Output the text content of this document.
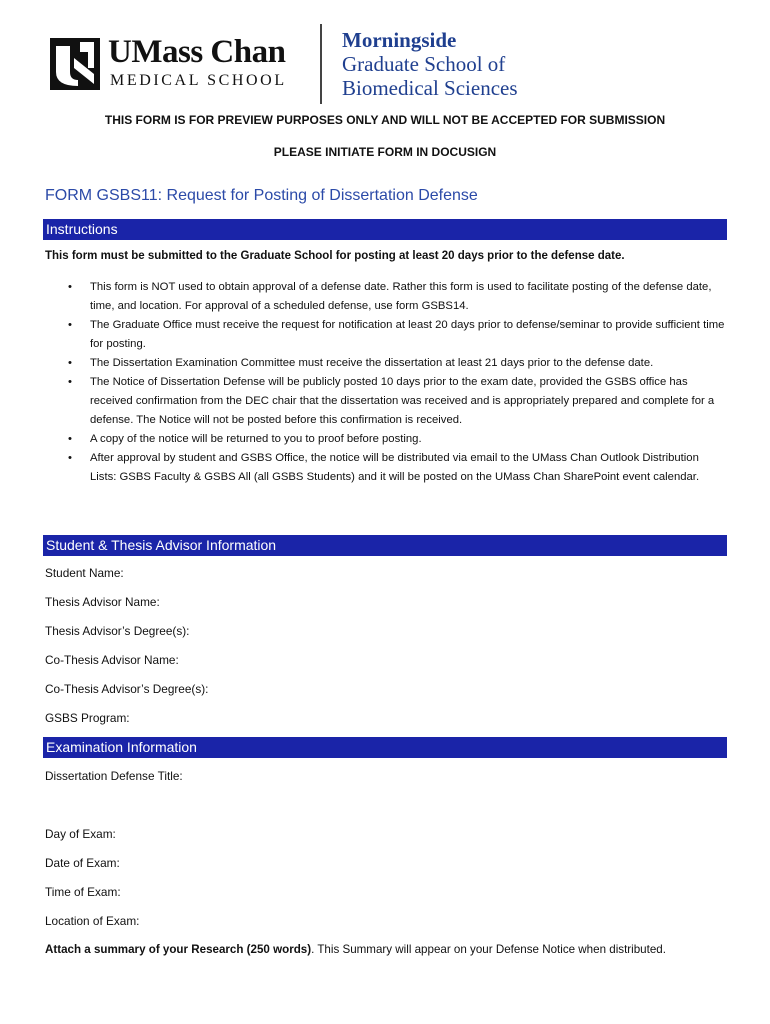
UMass Chan
MEDICAL SCHOOL
Morningside
Graduate School of
Biomedical Sciences
THIS FORM IS FOR PREVIEW PURPOSES ONLY AND WILL NOT BE ACCEPTED FOR SUBMISSION
PLEASE INITIATE FORM IN DOCUSIGN
FORM GSBS11: Request for Posting of Dissertation Defense
Instructions
This form must be submitted to the Graduate School for posting at least 20 days prior to the defense date.
• This form is NOT used to obtain approval of a defense date. Rather this form is used to facilitate posting of the defense date, time, and location. For approval of a scheduled defense, use form GSBS14.
• The Graduate Office must receive the request for notification at least 20 days prior to defense/seminar to provide sufficient time for posting.
• The Dissertation Examination Committee must receive the dissertation at least 21 days prior to the defense date.
• The Notice of Dissertation Defense will be publicly posted 10 days prior to the exam date, provided the GSBS office has received confirmation from the DEC chair that the dissertation was received and is appropriately prepared and complete for a defense. The Notice will not be posted before this confirmation is received.
• A copy of the notice will be returned to you to proof before posting.
• After approval by student and GSBS Office, the notice will be distributed via email to the UMass Chan Outlook Distribution Lists: GSBS Faculty & GSBS All (all GSBS Students) and it will be posted on the UMass Chan SharePoint event calendar.
Student & Thesis Advisor Information
Student Name:
Thesis Advisor Name:
Thesis Advisor’s Degree(s):
Co-Thesis Advisor Name:
Co-Thesis Advisor’s Degree(s):
GSBS Program:
Examination Information
Dissertation Defense Title:
Day of Exam:
Date of Exam:
Time of Exam:
Location of Exam:
Attach a summary of your Research (250 words). This Summary will appear on your Defense Notice when distributed.
